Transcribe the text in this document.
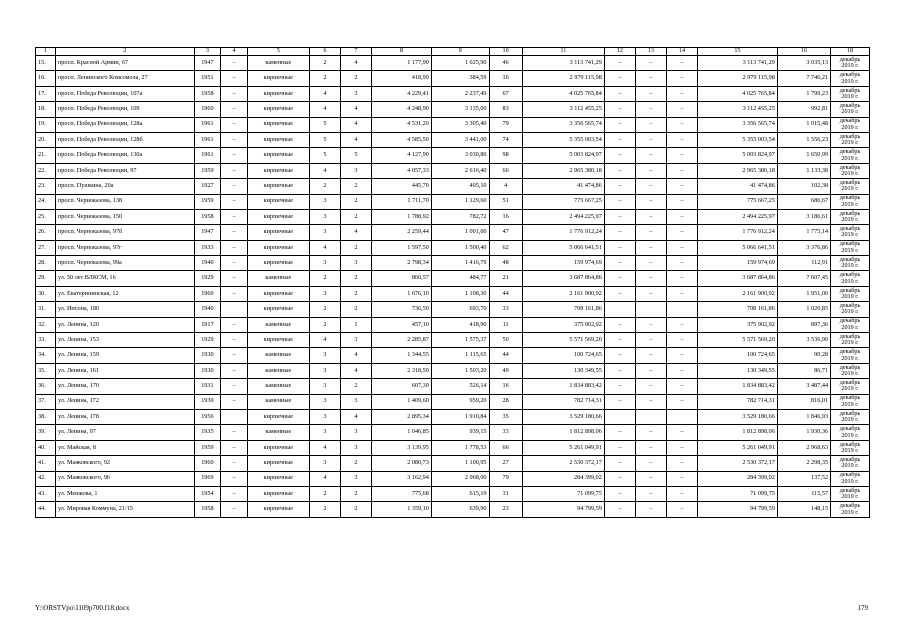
1	2	3	4	5	6	7	8	9	10	11	12	13	14	15	16	18
15.	просп. Красной Армии, 67	1947	–	каменные	2	4	1 177,90	1 025,90	46	3 113 741,29	–	–	–	3 113 741,29	3 035,13	декабрь
2019 г.

16.	просп. Ленинского Комсомола, 27	1951	–	кирпичные	2	2	418,99	384,59	16	2 979 115,98	–	–	–	2 979 115,98	7 746,21	декабрь
2019 г.

17.	просп. Победа Революции, 107а	1958	–	кирпичные	4	3	4 229,41	2 237,49	67	4 025 765,84	–	–	–	4 025 765,84	1 799,23	декабрь
2019 г.

18.	просп. Победа Революции, 109	1960	–	кирпичные	4	4	4 248,90	3 135,00	83	3 112 455,25	–	–	–	3 112 455,25	992,81	декабрь
2019 г.

19.	просп. Победа Революции, 128а	1961	–	кирпичные	5	4	4 531,20	3 305,40	79	3 356 565,74	–	–	–	3 356 565,74	1 015,48	декабрь
2019 г.

20.	просп. Победа Революции, 128б	1961	–	кирпичные	5	4	4 585,50	3 441,00	74	5 355 003,54	–	–	–	5 355 003,54	1 556,23	декабрь
2019 г.

21.	просп. Победа Революции, 130а	1961	–	кирпичные	5	5	4 127,90	3 030,80	98	5 003 824,97	–	–	–	5 003 824,97	1 650,99	декабрь
2019 г.

22.	просп. Победа Революции, 97	1959	–	кирпичные	4	3	4 057,33	2 616,40	66	2 965 380,18	–	–	–	2 965 380,18	1 133,38	декабрь
2019 г.

23.	просп. Пушкина, 20а	1927	–	кирпичные	2	2	445,70	405,10	4	41 474,86	–	–	–	41 474,86	102,38	декабрь
2019 г.

24.	просп. Черноказова, 138	1959	–	кирпичные	3	2	1 711,70	1 129,60	51	775 667,25	–	–	–	775 667,25	686,67	декабрь
2019 г.

25.	просп. Черноказова, 150	1958	–	кирпичные	3	2	1 788,92	782,72	16	2 494 225,97	–	–	–	2 494 225,97	3 186,61	декабрь
2019 г.

26.	просп. Черноказова, 97б	1947	–	кирпичные	3	4	2 259,44	1 001,00	47	1 776 912,24	–	–	–	1 776 912,24	1 775,14	декабрь
2019 г.

27.	просп. Черноказова, 97г	1933	–	кирпичные	4	2	1 597,50	1 500,40	62	5 066 641,51	–	–	–	5 066 641,51	3 376,86	декабрь
2019 г.

28.	просп. Черноказова, 99а	1940	–	кирпичные	3	3	2 798,34	1 416,79	48	159 974,69	–	–	–	159 974,69	112,91	декабрь
2019 г.

29.	ул. 50 лет ВЛКСМ, 16	1929	–	каменные	2	2	860,57	484,77	21	3 687 864,86	–	–	–	3 687 864,86	7 607,45	декабрь
2019 г.

30.	ул. Екатерининская, 12	1960	–	кирпичные	3	2	1 676,10	1 108,30	44	2 161 900,92	–	–	–	2 161 900,92	1 951,00	декабрь
2019 г.

31.	ул. Ипсона, 180	1940		кирпичные	2	2	736,50	693,70	33	708 161,86				708 161,86	1 020,85	декабрь
2019 г.

32.	ул. Ленина, 120	1917	–	каменные	2	1	457,10	418,90	11	375 902,92	–	–	–	375 902,92	897,36	декабрь
2019 г.

33.	ул. Ленина, 153	1929	–	кирпичные	4	3	2 285,87	1 575,37	50	5 571 569,20	–	–	–	5 571 569,20	3 536,90	декабрь
2019 г.

34.	ул. Ленина, 159	1930	–	каменные	3	4	1 344,55	1 115,65	44	100 724,65	–	–	–	100 724,65	90,28	декабрь
2019 г.

35.	ул. Ленина, 161	1930	–	каменные	3	4	2 318,50	1 503,20	49	130 349,55	–	–	–	130 349,55	86,71	декабрь
2019 г.

36.	ул. Ленина, 170	1931	–	каменные	3	2	607,30	526,14	16	1 834 883,42	–	–	–	1 834 883,42	3 487,44	декабрь
2019 г.

37.	ул. Ленина, 172	1930	–	каменные	3	3	1 409,60	959,20	28	782 714,31	–	–	–	782 714,31	816,01	декабрь
2019 г.

38.	ул. Ленина, 178	1956		кирпичные	3	4	2 895,34	1 910,84	35	3 529 180,66				3 529 180,66	1 846,93	декабрь
2019 г.

39.	ул. Ленина, 97	1935	–	каменные	3	3	1 046,85	939,15	33	1 812 898,06	–	–	–	1 812 898,06	1 930,36	декабрь
2019 г.

40.	ул. Майская, 8	1959	–	кирпичные	4	3	3 139,95	1 778,53	66	5 261 049,91	–	–	–	5 261 049,91	2 968,63	декабрь
2019 г.

41.	ул. Маяковского, 92	1960	–	кирпичные	3	2	2 080,73	1 100,95	27	2 530 372,17	–	–	–	2 530 372,17	2 298,35	декабрь
2019 г.

42.	ул. Маяковского, 96	1969	–	кирпичные	4	3	3 162,94	2 068,00	79	284 399,02	–	–	–	284 399,02	137,52	декабрь
2019 г.

43.	ул. Менжова, 1	1954	–	кирпичные	2	2	775,68	615,19	31	71 099,75	–	–	–	71 099,75	115,57	декабрь
2019 г.

44.	ул. Мировая Коммуна, 21/15	1958	–	кирпичные	2	2	1 359,10	639,90	23	94 799,59	–	–	–	94 799,59	148,15	декабрь
2019 г.
Y:\ORSTVpo\1109p700.f18.docx	179
